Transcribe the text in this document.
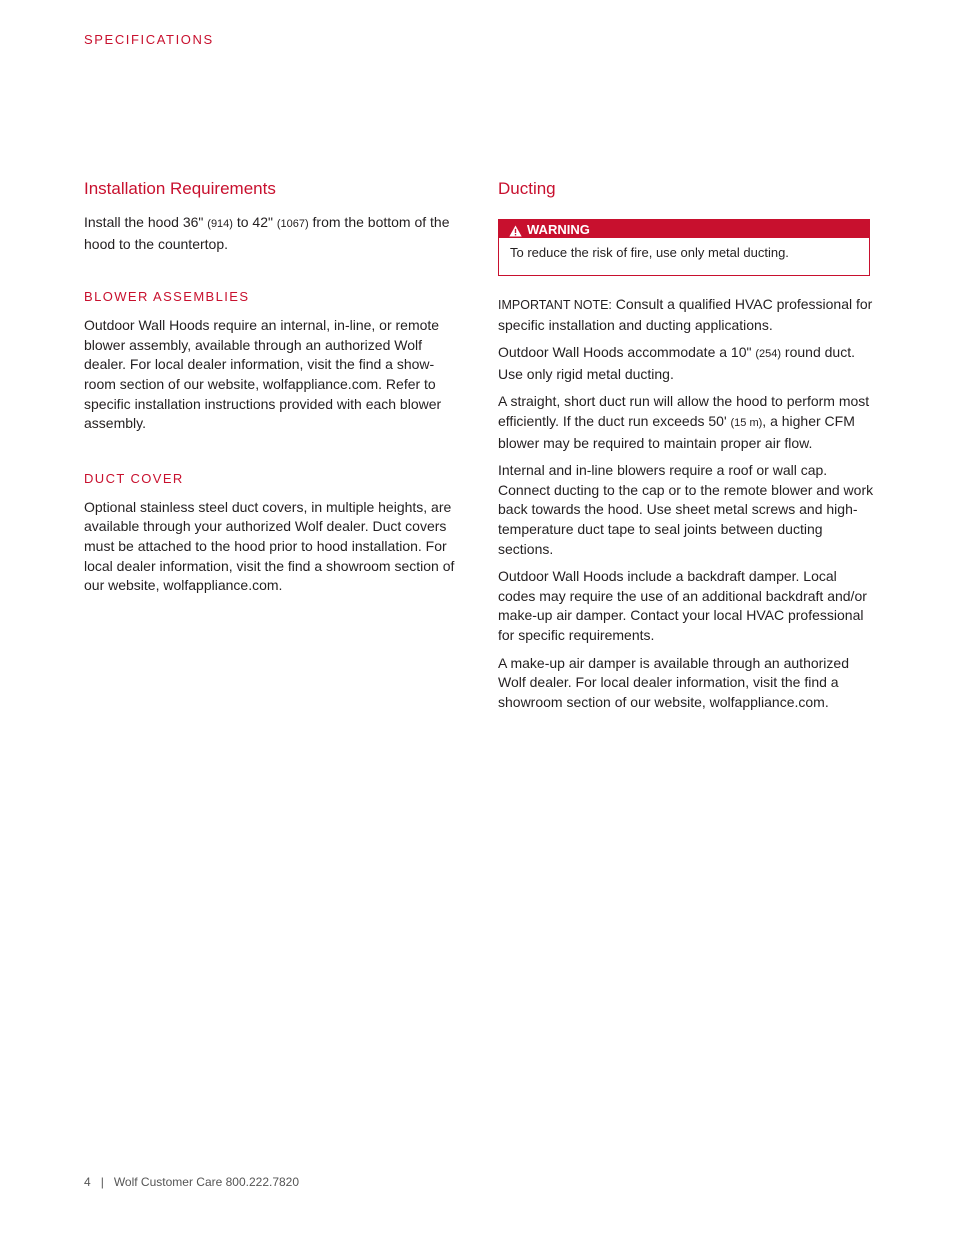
SPECIFICATIONS
Installation Requirements

Install the hood 36" (914) to 42" (1067) from the bottom of the hood to the countertop.

BLOWER ASSEMBLIES

Outdoor Wall Hoods require an internal, in-line, or remote blower assembly, available through an authorized Wolf dealer. For local dealer information, visit the find a show-room section of our website, wolfappliance.com. Refer to specific installation instructions provided with each blower assembly.

DUCT COVER

Optional stainless steel duct covers, in multiple heights, are available through your authorized Wolf dealer. Duct covers must be attached to the hood prior to hood installation. For local dealer information, visit the find a showroom section of our website, wolfappliance.com.

Ducting
WARNING
To reduce the risk of fire, use only metal ducting.

IMPORTANT NOTE: Consult a qualified HVAC professional for specific installation and ducting applications.

Outdoor Wall Hoods accommodate a 10" (254) round duct. Use only rigid metal ducting.

A straight, short duct run will allow the hood to perform most efficiently. If the duct run exceeds 50' (15 m), a higher CFM blower may be required to maintain proper air flow.

Internal and in-line blowers require a roof or wall cap. Connect ducting to the cap or to the remote blower and work back towards the hood. Use sheet metal screws and high-temperature duct tape to seal joints between ducting sections.

Outdoor Wall Hoods include a backdraft damper. Local codes may require the use of an additional backdraft and/or make-up air damper. Contact your local HVAC professional for specific requirements.

A make-up air damper is available through an authorized Wolf dealer. For local dealer information, visit the find a showroom section of our website, wolfappliance.com.

4 | Wolf Customer Care 800.222.7820
